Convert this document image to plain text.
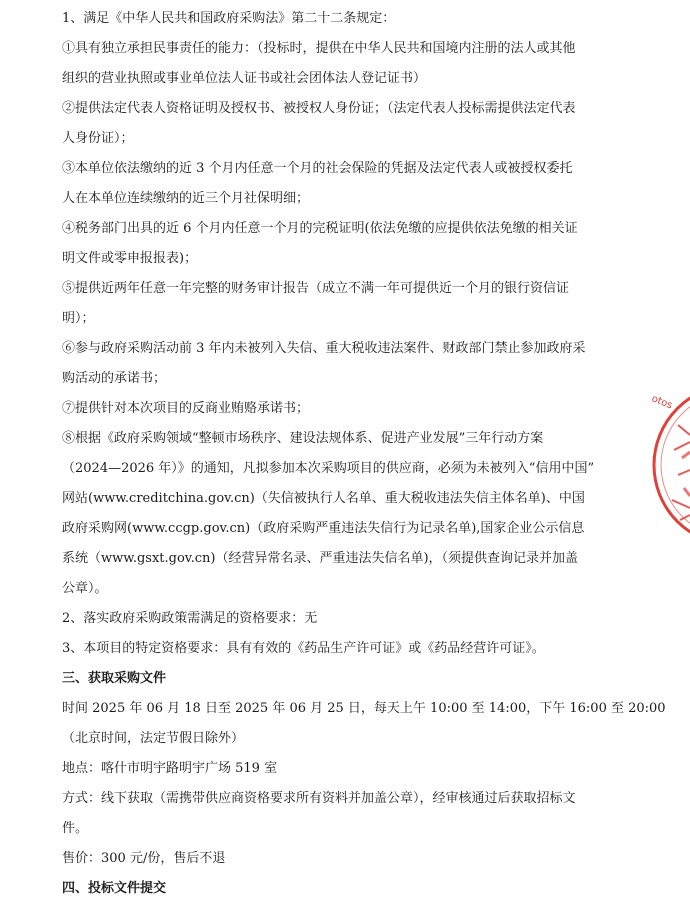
1、满足《中华人民共和国政府采购法》第二十二条规定：
①具有独立承担民事责任的能力：（投标时，提供在中华人民共和国境内注册的法人或其他
组织的营业执照或事业单位法人证书或社会团体法人登记证书）
②提供法定代表人资格证明及授权书、被授权人身份证；（法定代表人投标需提供法定代表
人身份证）；
③本单位依法缴纳的近 3 个月内任意一个月的社会保险的凭据及法定代表人或被授权委托
人在本单位连续缴纳的近三个月社保明细；
④税务部门出具的近 6 个月内任意一个月的完税证明(依法免缴的应提供依法免缴的相关证
明文件或零申报报表)；
⑤提供近两年任意一年完整的财务审计报告（成立不满一年可提供近一个月的银行资信证
明）；
⑥参与政府采购活动前 3 年内未被列入失信、重大税收违法案件、财政部门禁止参加政府采
购活动的承诺书；
⑦提供针对本次项目的反商业贿赂承诺书；
⑧根据《政府采购领域“整顿市场秩序、建设法规体系、促进产业发展”三年行动方案
（2024—2026 年）》的通知，凡拟参加本次采购项目的供应商，必须为未被列入“信用中国”
网站(www.creditchina.gov.cn)（失信被执行人名单、重大税收违法失信主体名单)、中国
政府采购网(www.ccgp.gov.cn)（政府采购严重违法失信行为记录名单),国家企业公示信息
系统（www.gsxt.gov.cn)（经营异常名录、严重违法失信名单)，（须提供查询记录并加盖
公章）。
2、落实政府采购政策需满足的资格要求：无
3、本项目的特定资格要求：具有有效的《药品生产许可证》或《药品经营许可证》。
三、获取采购文件
时间 2025 年 06 月 18 日至 2025 年 06 月 25 日，每天上午 10:00 至 14:00，下午 16:00 至 20:00
（北京时间，法定节假日除外）
地点：喀什市明宇路明宇广场 519 室
方式：线下获取（需携带供应商资格要求所有资料并加盖公章），经审核通过后获取招标文
件。
售价：300 元/份，售后不退
四、投标文件提交
otos
